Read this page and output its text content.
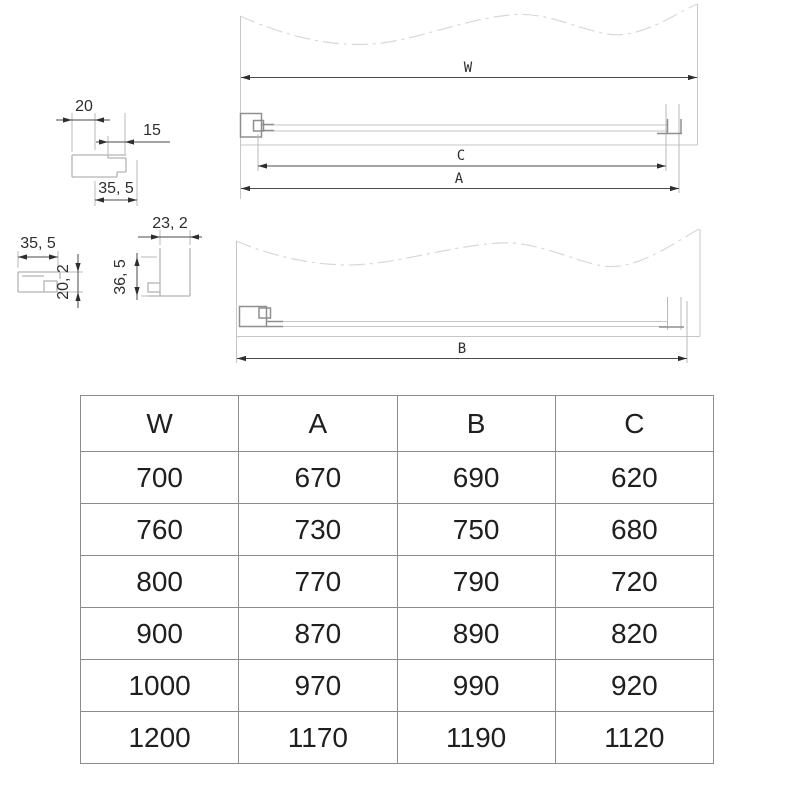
W
C
A
B
20
15
35, 5
35, 5
20, 2
23, 2
36, 5
W	A	B	C
700	670	690	620
760	730	750	680
800	770	790	720
900	870	890	820
1000	970	990	920
1200	1170	1190	1120
